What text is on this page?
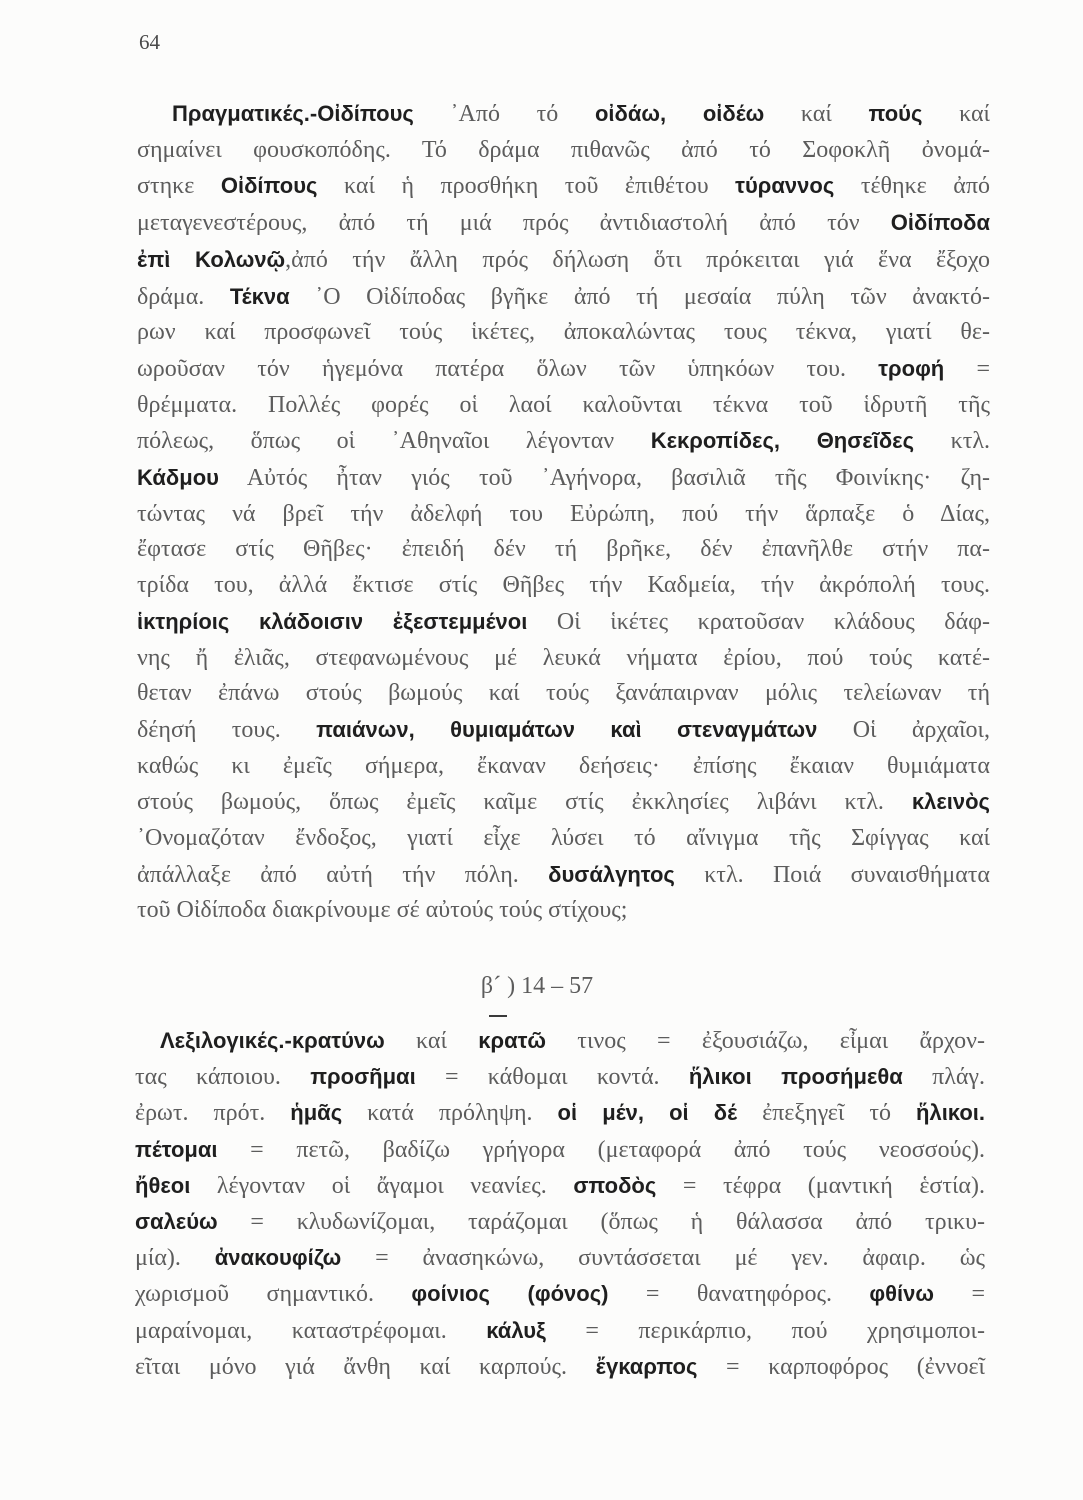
64
Πραγματικές.-Οἰδίπους ᾿Από τό οἰδάω, οἰδέω καί πούς καί
σημαίνει φουσκοπόδης. Τό δράμα πιθανῶς ἀπό τό Σοφοκλῆ ὀνομά-
στηκε Οἰδίπους καί ἡ προσθήκη τοῦ ἐπιθέτου τύραννος τέθηκε ἀπό
μεταγενεστέρους, ἀπό τή μιά πρός ἀντιδιαστολή ἀπό τόν Οἰδίποδα
ἐπὶ Κολωνῷ,ἀπό τήν ἄλλη πρός δήλωση ὅτι πρόκειται γιά ἕνα ἔξοχο
δράμα. Τέκνα ᾿Ο Οἰδίποδας βγῆκε ἀπό τή μεσαία πύλη τῶν ἀνακτό-
ρων καί προσφωνεῖ τούς ἱκέτες, ἀποκαλώντας τους τέκνα, γιατί θε-
ωροῦσαν τόν ἡγεμόνα πατέρα ὅλων τῶν ὑπηκόων του. τροφή =
θρέμματα. Πολλές φορές οἱ λαοί καλοῦνται τέκνα τοῦ ἱδρυτῆ τῆς
πόλεως, ὅπως οἱ ᾿Αθηναῖοι λέγονταν Κεκροπίδες, Θησεῖδες κτλ.
Κάδμου Αὐτός ἦταν γιός τοῦ ᾿Αγήνορα, βασιλιᾶ τῆς Φοινίκης· ζη-
τώντας νά βρεῖ τήν ἀδελφή του Εὐρώπη, πού τήν ἅρπαξε ὁ Δίας,
ἔφτασε στίς Θῆβες· ἐπειδή δέν τή βρῆκε, δέν ἐπανῆλθε στήν πα-
τρίδα του, ἀλλά ἔκτισε στίς Θῆβες τήν Καδμεία, τήν ἀκρόπολή τους.
ἱκτηρίοις κλάδοισιν ἐξεστεμμένοι Οἱ ἱκέτες κρατοῦσαν κλάδους δάφ-
νης ἤ ἐλιᾶς, στεφανωμένους μέ λευκά νήματα ἐρίου, πού τούς κατέ-
θεταν ἐπάνω στούς βωμούς καί τούς ξανάπαιρναν μόλις τελείωναν τή
δέησή τους. παιάνων, θυμιαμάτων καὶ στεναγμάτων Οἱ ἀρχαῖοι,
καθώς κι ἐμεῖς σήμερα, ἔκαναν δεήσεις· ἐπίσης ἔκαιαν θυμιάματα
στούς βωμούς, ὅπως ἐμεῖς καῖμε στίς ἐκκλησίες λιβάνι κτλ. κλεινὸς
᾿Ονομαζόταν ἔνδοξος, γιατί εἶχε λύσει τό αἴνιγμα τῆς Σφίγγας καί
ἀπάλλαξε ἀπό αὐτή τήν πόλη. δυσάλγητος κτλ. Ποιά συναισθήματα
τοῦ Οἰδίποδα διακρίνουμε σέ αὐτούς τούς στίχους;
β´ ) 14 – 57
Λεξιλογικές.-κρατύνω καί κρατῶ τινος = ἐξουσιάζω, εἶμαι ἄρχον-
τας κάποιου. προσῆμαι = κάθομαι κοντά. ἥλικοι προσήμεθα πλάγ.
ἐρωτ. πρότ. ἡμᾶς κατά πρόληψη. οἱ μέν, οἱ δέ ἐπεξηγεῖ τό ἥλικοι.
πέτομαι = πετῶ, βαδίζω γρήγορα (μεταφορά ἀπό τούς νεοσσούς).
ἤθεοι λέγονταν οἱ ἄγαμοι νεανίες. σποδὸς = τέφρα (μαντική ἑστία).
σαλεύω = κλυδωνίζομαι, ταράζομαι (ὅπως ἡ θάλασσα ἀπό τρικυ-
μία). ἀνακουφίζω = ἀνασηκώνω, συντάσσεται μέ γεν. ἀφαιρ. ὡς
χωρισμοῦ σημαντικό. φοίνιος (φόνος) = θανατηφόρος. φθίνω =
μαραίνομαι, καταστρέφομαι. κάλυξ = περικάρπιο, πού χρησιμοποι-
εῖται μόνο γιά ἄνθη καί καρπούς. ἔγκαρπος = καρποφόρος (ἐννοεῖ
